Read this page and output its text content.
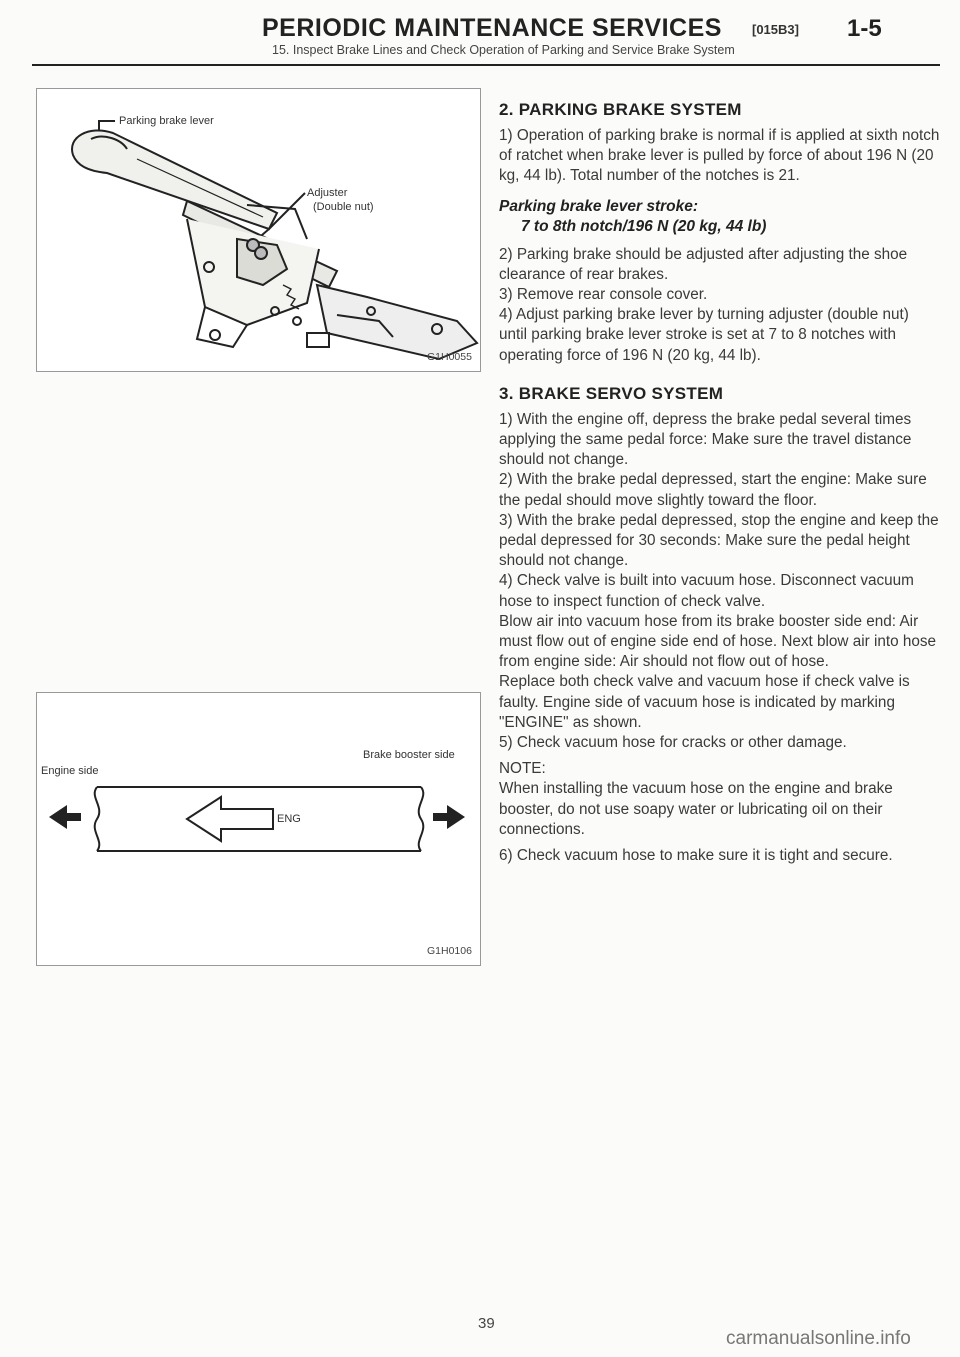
PERIODIC MAINTENANCE SERVICES [015B3] 1-5
15. Inspect Brake Lines and Check Operation of Parking and Service Brake System
Parking brake lever
Adjuster
(Double nut)
G1H0055
Engine side
Brake booster side
ENG
G1H0106
2. PARKING BRAKE SYSTEM

1) Operation of parking brake is normal if is applied at sixth notch of ratchet when brake lever is pulled by force of about 196 N (20 kg, 44 lb). Total number of the notches is 21.

Parking brake lever stroke:

7 to 8th notch/196 N (20 kg, 44 lb)

2) Parking brake should be adjusted after adjusting the shoe clearance of rear brakes.

3) Remove rear console cover.

4) Adjust parking brake lever by turning adjuster (double nut) until parking brake lever stroke is set at 7 to 8 notches with operating force of 196 N (20 kg, 44 lb).

3. BRAKE SERVO SYSTEM

1) With the engine off, depress the brake pedal several times applying the same pedal force: Make sure the travel distance should not change.

2) With the brake pedal depressed, start the engine: Make sure the pedal should move slightly toward the floor.

3) With the brake pedal depressed, stop the engine and keep the pedal depressed for 30 seconds: Make sure the pedal height should not change.

4) Check valve is built into vacuum hose. Disconnect vacuum hose to inspect function of check valve.

Blow air into vacuum hose from its brake booster side end: Air must flow out of engine side end of hose. Next blow air into hose from engine side: Air should not flow out of hose.

Replace both check valve and vacuum hose if check valve is faulty. Engine side of vacuum hose is indicated by marking "ENGINE" as shown.

5) Check vacuum hose for cracks or other damage.

NOTE:

When installing the vacuum hose on the engine and brake booster, do not use soapy water or lubricating oil on their connections.

6) Check vacuum hose to make sure it is tight and secure.

39
carmanualsonline.info
